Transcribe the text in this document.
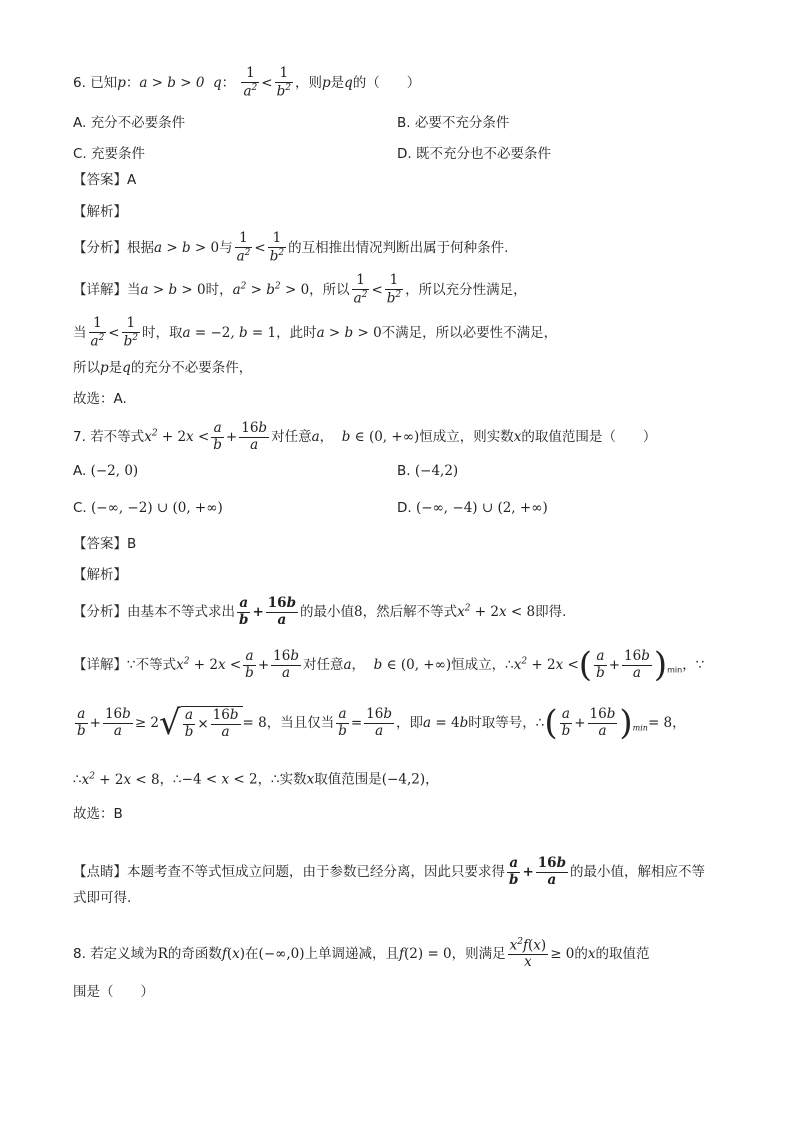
6. 已知p：a > b > 0 q： $\frac{1}{a^2} < \frac{1}{b^2}$ ，则p是q的（　　）
A. 充分不必要条件	B. 必要不充分条件
C. 充要条件	D. 既不充分也不必要条件
【答案】A
【解析】
【分析】根据a > b > 0与 $\frac{1}{a^2} < \frac{1}{b^2}$ 的互相推出情况判断出属于何种条件.
【详解】当a > b > 0时，$a^2 > b^2 > 0$，所以 $\frac{1}{a^2} < \frac{1}{b^2}$ ，所以充分性满足，
当 $\frac{1}{a^2} < \frac{1}{b^2}$ 时，取a = −2, b = 1，此时a > b > 0不满足，所以必要性不满足，
所以p是q的充分不必要条件，
故选：A.
7. 若不等式$x^2 + 2x < \frac{a}{b} + \frac{16b}{a}$ 对任意a， b ∈ (0, +∞)恒成立，则实数x的取值范围是（　　）
A. (−2, 0)	B. (−4,2)
C. (−∞, −2) ∪ (0, +∞)	D. (−∞, −4) ∪ (2, +∞)
【答案】B
【解析】
【分析】由基本不等式求出 $\frac{a}{b} + \frac{16b}{a}$ 的最小值8，然后解不等式$x^2 + 2x < 8$即得.
【详解】∵不等式$x^2 + 2x < \frac{a}{b} + \frac{16b}{a}$ 对任意a， b ∈ (0, +∞)恒成立，$\therefore x^2 + 2x$ <( $\frac{a}{b} + \frac{16b}{a} )_{min}$，∵
$\frac{a}{b} + \frac{16b}{a} \ge 2√ \frac{a}{b} \times \frac{16b}{a} = 8$，当且仅当 $\frac{a}{b} = \frac{16b}{a}$ ，即a = 4b时取等号，∴( $\frac{a}{b} + \frac{16b}{a} )_{min}= 8$，
$\therefore x^2 + 2x < 8$，∴−4 < x < 2，∴实数x取值范围是(−4,2)，
故选：B
【点睛】本题考查不等式恒成立问题，由于参数已经分离，因此只要求得 $\frac{a}{b} + \frac{16b}{a}$ 的最小值，解相应不等
式即可得.
8. 若定义域为R的奇函数f(x)在(−∞,0)上单调递减，且f(2) = 0，则满足 $\frac{x^2f(x)}{x} \ge 0$的x的取值范
围是（　　）
